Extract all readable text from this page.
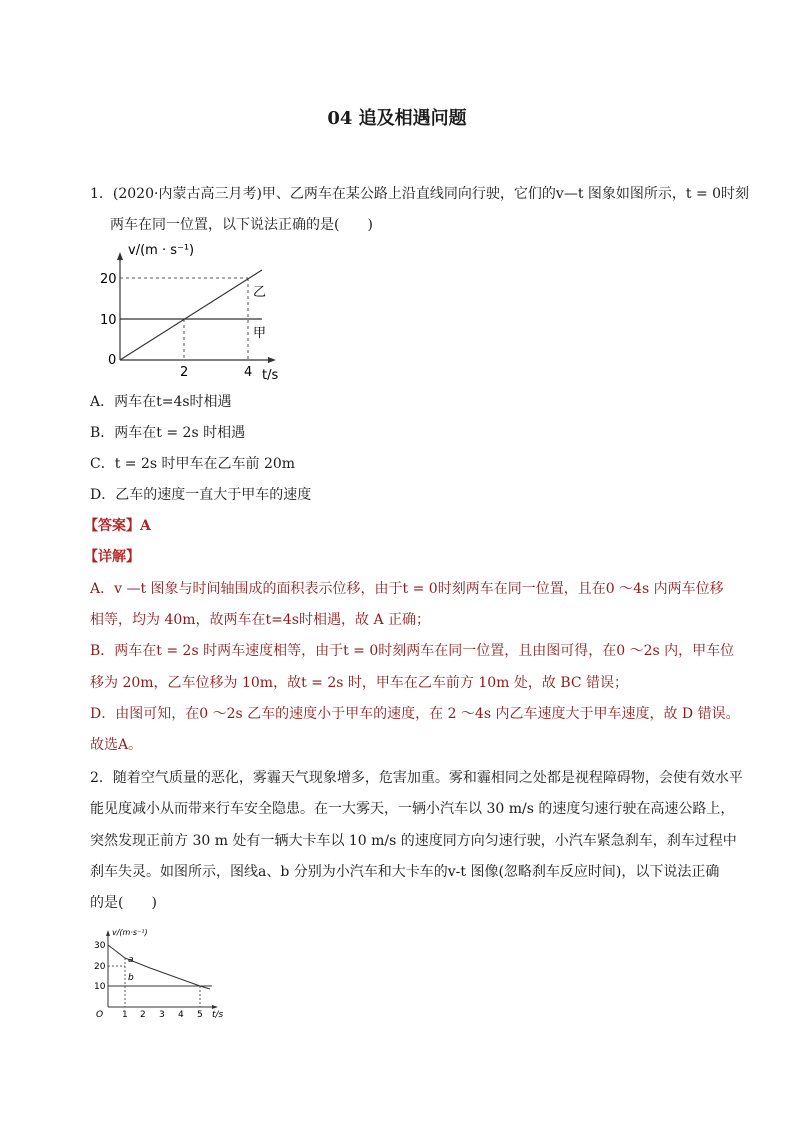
04 追及相遇问题
1．(2020·内蒙古高三月考)甲、乙两车在某公路上沿直线同向行驶，它们的v—t 图象如图所示，t = 0时刻
两车在同一位置，以下说法正确的是(　　)
v/(m · s⁻¹)
20
10
0
2	4 t/s
乙
甲
A．两车在t=4s时相遇
B．两车在t = 2s 时相遇
C．t = 2s 时甲车在乙车前 20m
D．乙车的速度一直大于甲车的速度
【答案】A
【详解】
A．v —t 图象与时间轴围成的面积表示位移，由于t = 0时刻两车在同一位置，且在0 ～4s 内两车位移
相等，均为 40m，故两车在t=4s时相遇，故 A 正确；
B．两车在t = 2s 时两车速度相等，由于t = 0时刻两车在同一位置，且由图可得，在0 ～2s 内，甲车位
移为 20m，乙车位移为 10m，故t = 2s 时，甲车在乙车前方 10m 处，故 BC 错误；
D．由图可知，在0 ～2s 乙车的速度小于甲车的速度，在 2 ～4s 内乙车速度大于甲车速度，故 D 错误。
故选A。
2．随着空气质量的恶化，雾霾天气现象增多，危害加重。雾和霾相同之处都是视程障碍物，会使有效水平
能见度减小从而带来行车安全隐患。在一大雾天，一辆小汽车以 30 m/s 的速度匀速行驶在高速公路上，
突然发现正前方 30 m 处有一辆大卡车以 10 m/s 的速度同方向匀速行驶，小汽车紧急刹车，刹车过程中
刹车失灵。如图所示，图线a、b 分别为小汽车和大卡车的v-t 图像(忽略刹车反应时间)，以下说法正确
的是(　　)
v/(m·s⁻¹)
30
20
10
O 1 2 3 4 5 t/s
a
b
